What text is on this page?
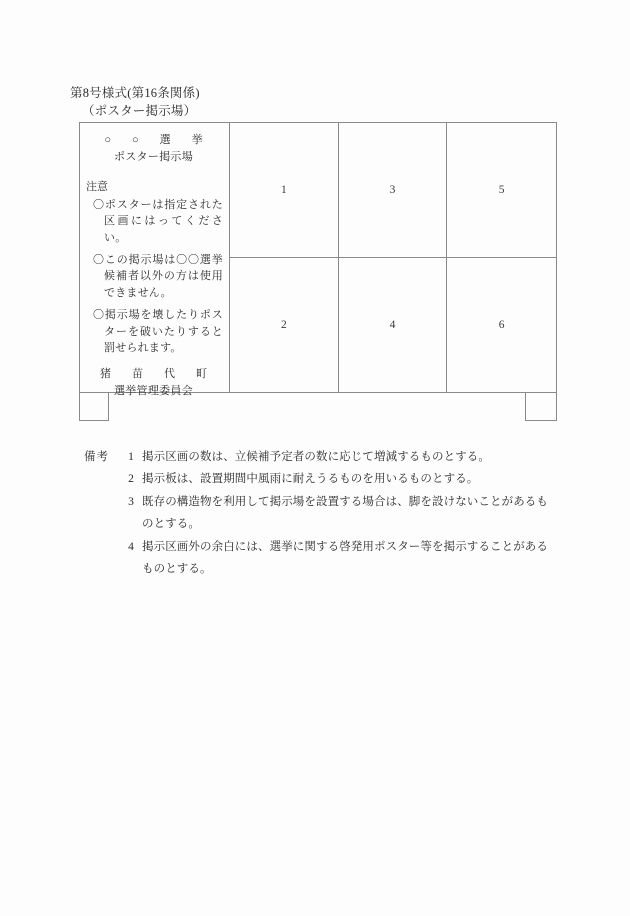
第8号様式(第16条関係)
（ポスター掲示場）
○　○　選　挙
ポスター掲示場
注意
〇ポスターは指定された区画にはってください。
〇この掲示場は〇〇選挙候補者以外の方は使用できません。
〇掲示場を壊したりポスターを破いたりすると罰せられます。
猪　苗　代　町
選挙管理委員会
1
2
3
4
5
6
備考	1 掲示区画の数は、立候補予定者の数に応じて増減するものとする。
2 掲示板は、設置期間中風雨に耐えうるものを用いるものとする。
3 既存の構造物を利用して掲示場を設置する場合は、脚を設けないことがあるも
のとする。
4 掲示区画外の余白には、選挙に関する啓発用ポスター等を掲示することがある
ものとする。
